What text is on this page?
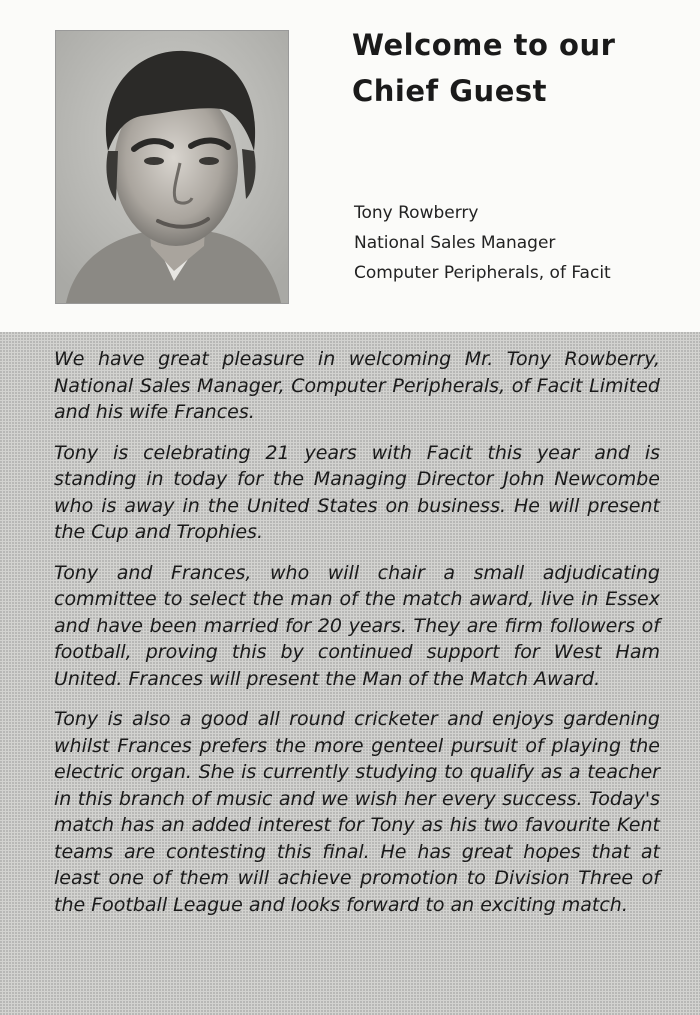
Welcome to our
Chief Guest
Tony Rowberry
National Sales Manager
Computer Peripherals, of Facit

We have great pleasure in welcoming Mr. Tony Rowberry, National Sales Manager, Computer Peripherals, of Facit Limited and his wife Frances.

Tony is celebrating 21 years with Facit this year and is standing in today for the Managing Director John Newcombe who is away in the United States on business. He will present the Cup and Trophies.

Tony and Frances, who will chair a small adjudicating committee to select the man of the match award, live in Essex and have been married for 20 years. They are firm followers of football, proving this by continued support for West Ham United. Frances will present the Man of the Match Award.

Tony is also a good all round cricketer and enjoys gardening whilst Frances prefers the more genteel pursuit of playing the electric organ. She is currently studying to qualify as a teacher in this branch of music and we wish her every success. Today's match has an added interest for Tony as his two favourite Kent teams are contesting this final. He has great hopes that at least one of them will achieve promotion to Division Three of the Football League and looks forward to an exciting match.
